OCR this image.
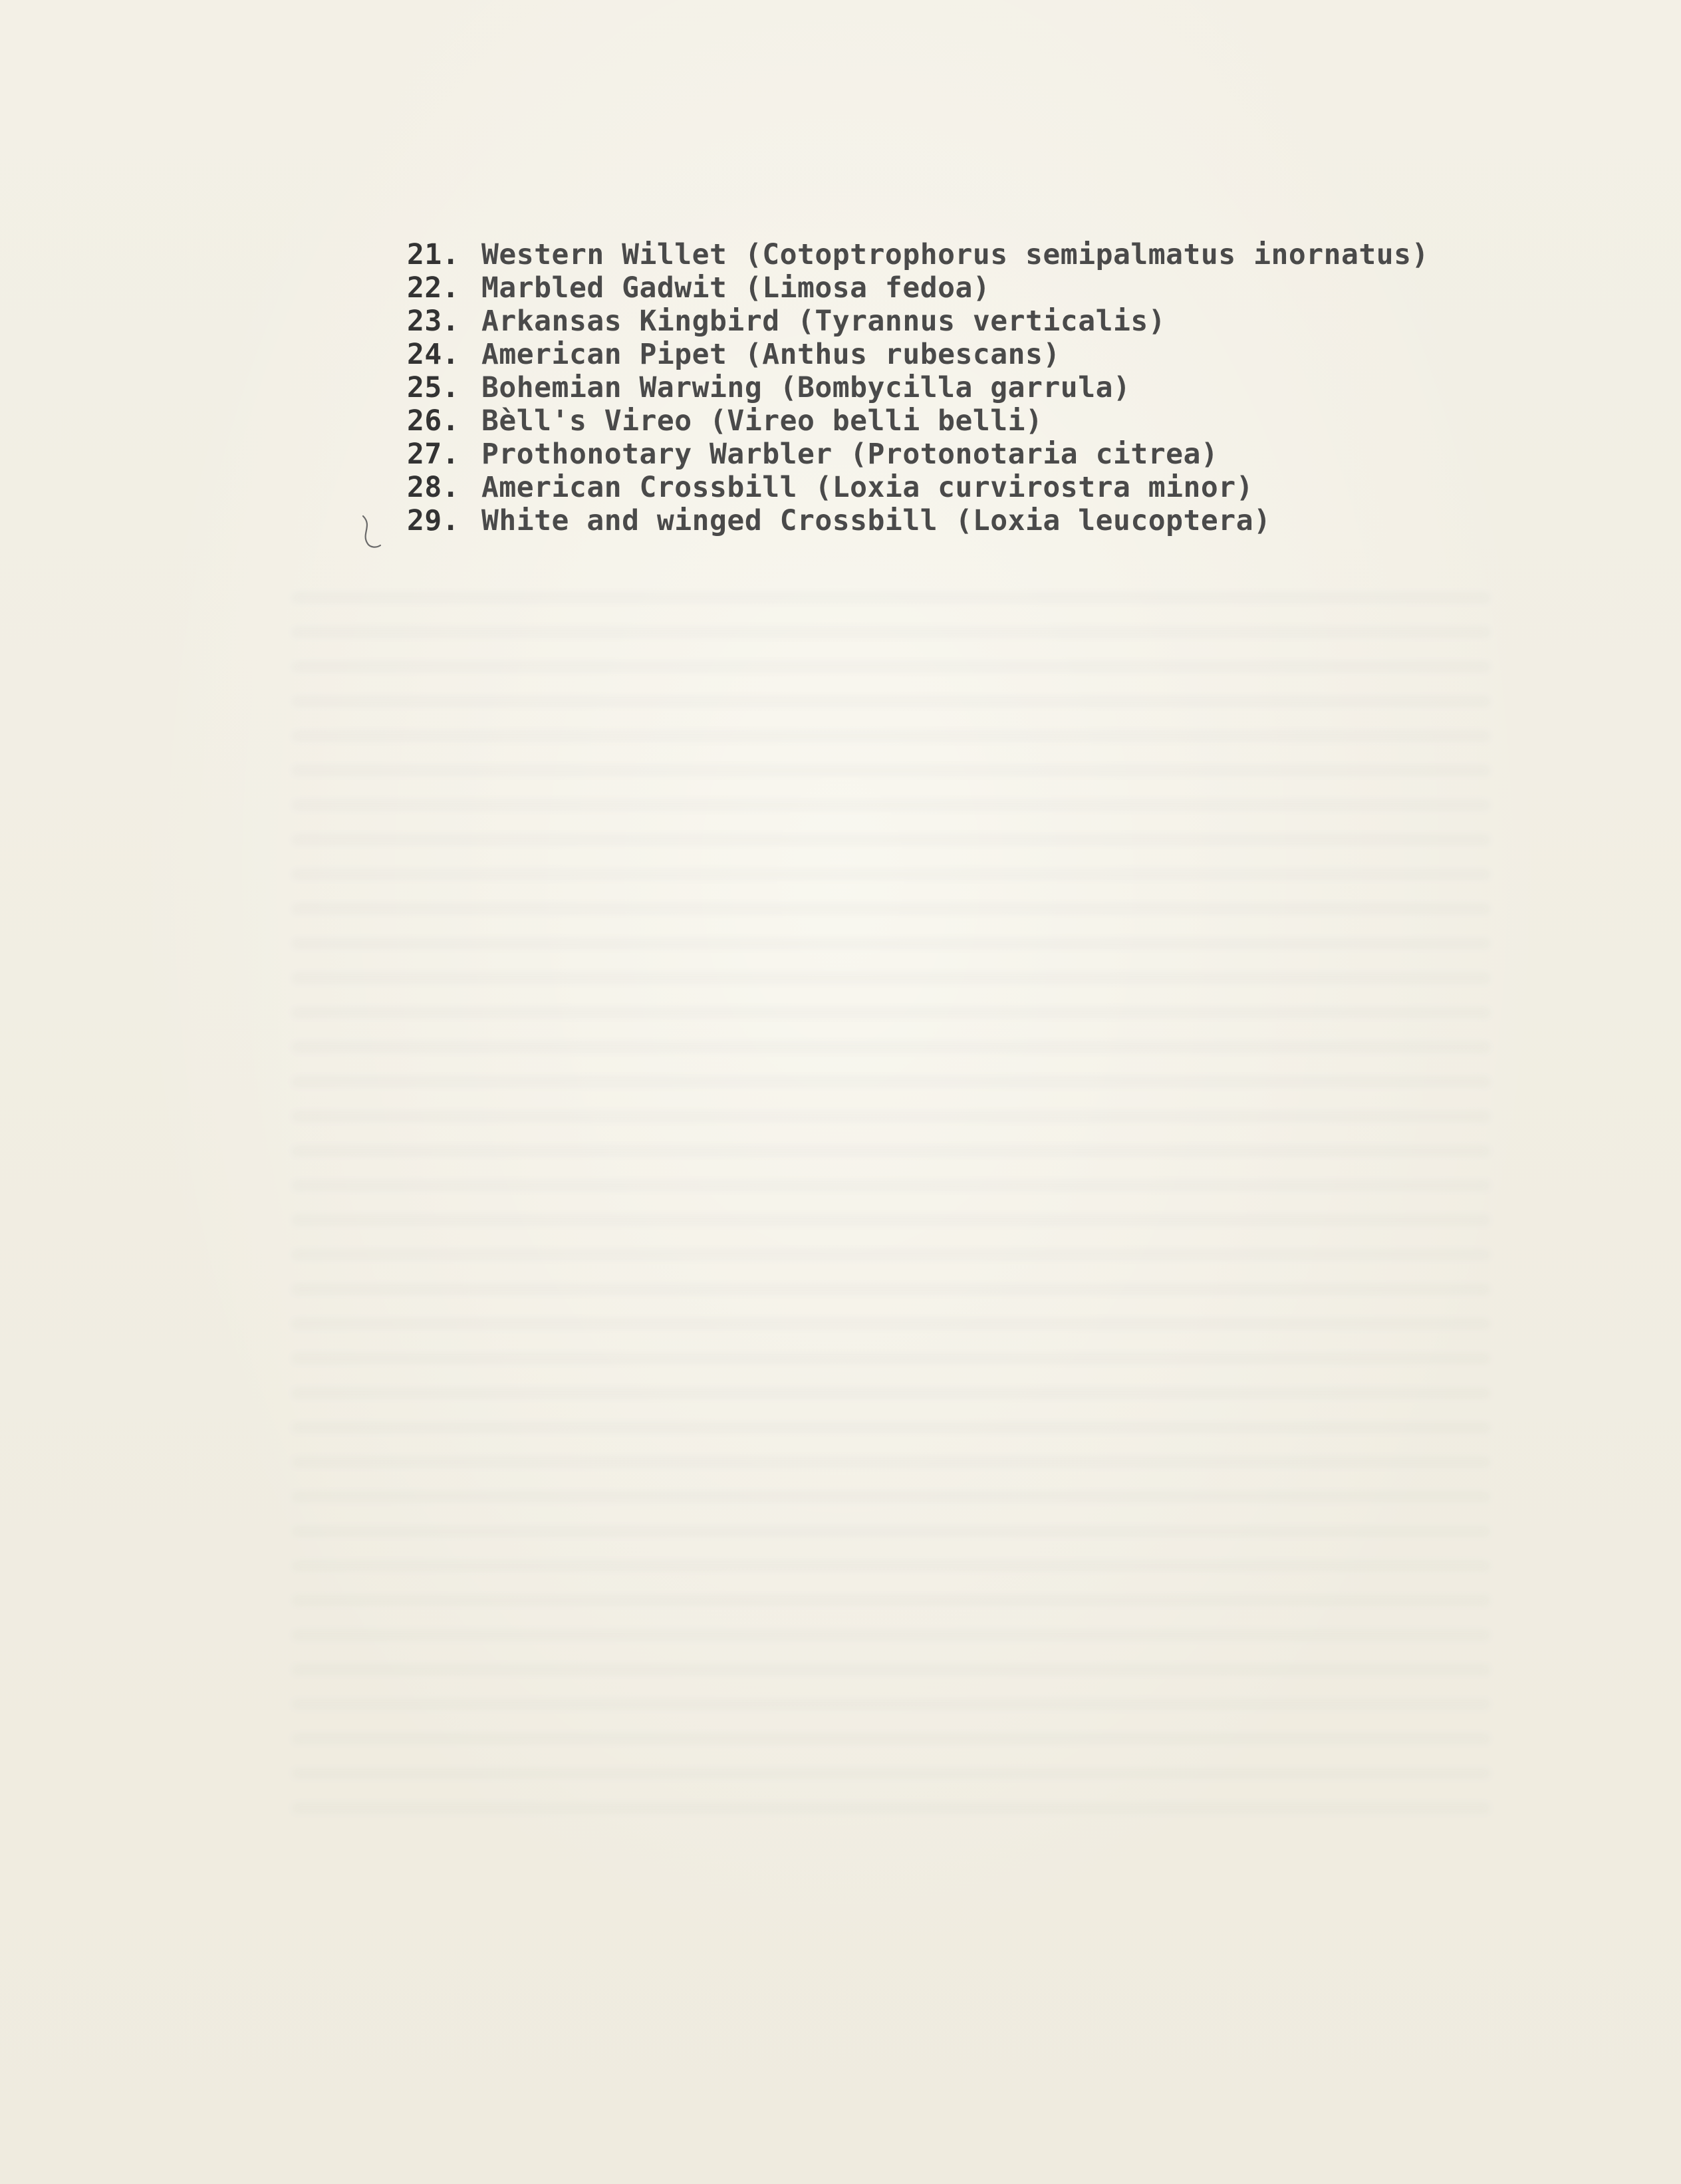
21. Western Willet (Cotoptrophorus semipalmatus inornatus)
22. Marbled Gadwit (Limosa fedoa)
23. Arkansas Kingbird (Tyrannus verticalis)
24. American Pipet (Anthus rubescans)
25. Bohemian Warwing (Bombycilla garrula)
26. Bèll's Vireo (Vireo belli belli)
27. Prothonotary Warbler (Protonotaria citrea)
28. American Crossbill (Loxia curvirostra minor)
29. White and winged Crossbill (Loxia leucoptera)
